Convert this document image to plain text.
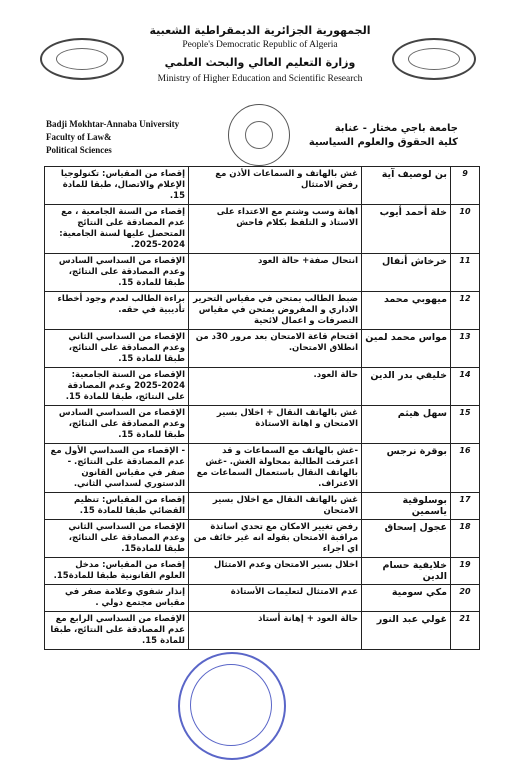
الجمهورية الجزائرية الديمقراطية الشعبية
People's Democratic Republic of Algeria
وزارة التعليم العالي والبحث العلمي
Ministry of Higher Education and Scientific Research
Badji Mokhtar-Annaba University
Faculty of Law&
Political Sciences
جامعة باجي مختار - عنابة
كلية الحقوق والعلوم السياسية
9	بن لوصيف آية	غش بالهاتف و السماعات الأذن مع رفض الامتثال	إقصاء من المقياس: تكنولوجيا الإعلام والاتصال، طبقا للمادة 15.
10	خلة أحمد أيوب	اهانة وسب وشتم مع الاعتداء على الاستاذ و التلفظ بكلام فاحش	إقصاء من السنة الجامعية ، مع عدم المصادقة على النتائج المتحصل عليها لسنة الجامعية: 2024-2025.
11	خرخاش أنفال	انتحال صفة+ حالة العود	الإقصاء من السداسي السادس وعدم المصادقة على النتائج، طبقا للمادة 15.
12	ميهوبي محمد	ضبط الطالب يمتحن في مقياس التحرير الاداري و المفروض يمتحن في مقياس التصرفات و اعمال لائحية	براءة الطالب لعدم وجود أخطاء تأديبية في حقه.
13	مواس محمد لمين	اقتحام قاعة الامتحان بعد مرور 30د من انطلاق الامتحان.	الإقصاء من السداسي الثاني وعدم المصادقة على النتائج، طبقا للمادة 15.
14	خليفي بدر الدين	حالة العود.	الإقصاء من السنة الجامعية: 2024-2025 وعدم المصادقة على النتائج، طبقا للمادة 15.
15	سهل هيثم	غش بالهاتف النقال + اخلال بسير الامتحان و اهانة الاستاذة	الإقصاء من السداسي السادس وعدم المصادقة على النتائج، طبقا للمادة 15.
16	بوقرة نرجس	-غش بالهاتف مع السماعات و قد اعترفت الطالبة بمحاولة الغش. -غش بالهاتف النقال باستعمال السماعات مع الاعتراف.	- الإقصاء من السداسي الأول مع عدم المصادقة على النتائج. - صفر في مقياس القانون الدستوري لسداسي الثاني.
17	بوسلوقية ياسمين	غش بالهاتف النقال مع اخلال بسير الامتحان	إقصاء من المقياس: تنظيم القضائي طبقا للمادة 15.
18	عجول إسحاق	رفض تغيير الامكان مع تحدي اساتذة مراقبة الامتحان بقوله انه غير خائف من اي اجراء	الإقصاء من السداسي الثاني وعدم المصادقة على النتائج، طبقا للمادة15.
19	خلايفية حسام الدين	اخلال بسير الامتحان وعدم الامتثال	إقصاء من المقياس: مدخل العلوم القانونية طبقا للمادة15.
20	مكي سومية	عدم الامتثال لتعليمات الأستاذة	إنذار شفوي وعلامة صفر في مقياس مجتمع دولي .
21	غولي عبد النور	حالة العود + إهانة أستاذ	الإقصاء من السداسي الرابع مع عدم المصادقة على النتائج، طبقا للمادة 15.
